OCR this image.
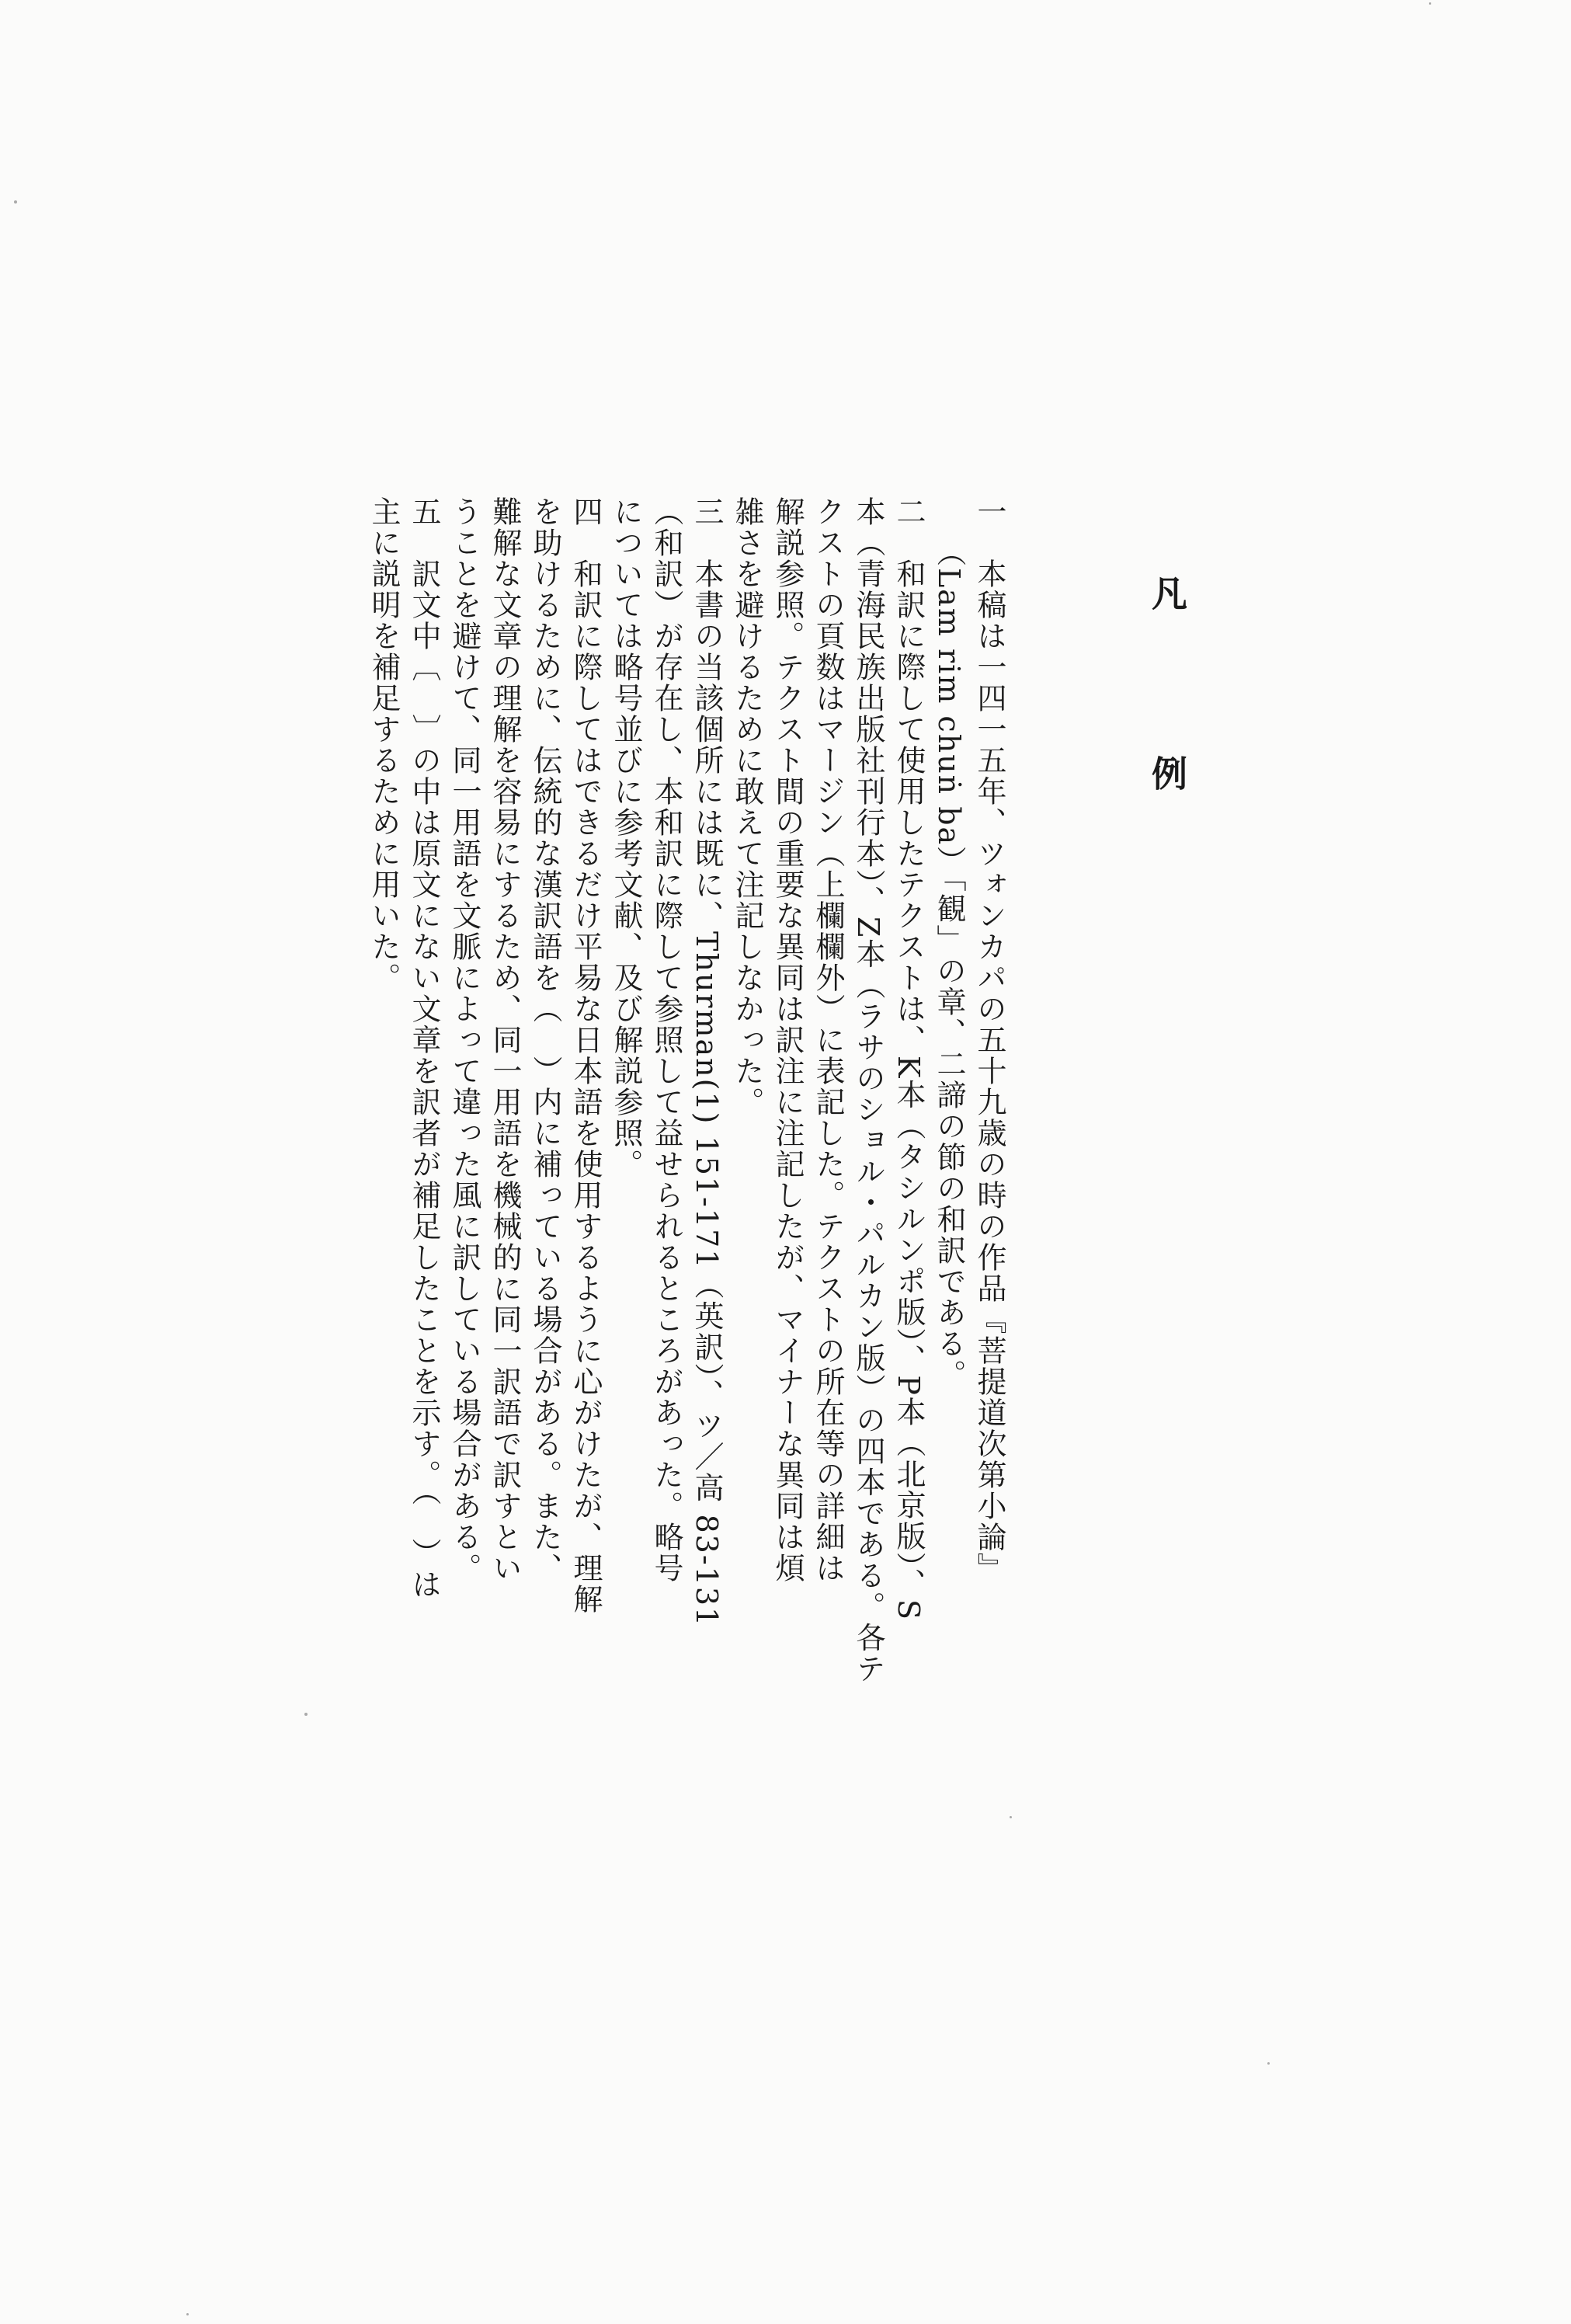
凡　例
一　本稿は一四一五年、ツォンカパの五十九歳の時の作品『菩提道次第小論』
（Lam rim chuṅ ba）「観」の章、二諦の節の和訳である。
二　和訳に際して使用したテクストは、K本（タシルンポ版）、P本（北京版）、S
本（青海民族出版社刊行本）、Z本（ラサのショル・パルカン版）の四本である。各テ
クストの頁数はマージン（上欄欄外）に表記した。テクストの所在等の詳細は
解説参照。テクスト間の重要な異同は訳注に注記したが、マイナーな異同は煩
雑さを避けるために敢えて注記しなかった。
三　本書の当該個所には既に、Thurman(1) 151-171（英訳）、ツ／高 83-131
（和訳）が存在し、本和訳に際して参照して益せられるところがあった。略号
については略号並びに参考文献、及び解説参照。
四　和訳に際してはできるだけ平易な日本語を使用するように心がけたが、理解
を助けるために、伝統的な漢訳語を（　）内に補っている場合がある。また、
難解な文章の理解を容易にするため、同一用語を機械的に同一訳語で訳すとい
うことを避けて、同一用語を文脈によって違った風に訳している場合がある。
五　訳文中〔　〕の中は原文にない文章を訳者が補足したことを示す。（　）は
主に説明を補足するために用いた。
